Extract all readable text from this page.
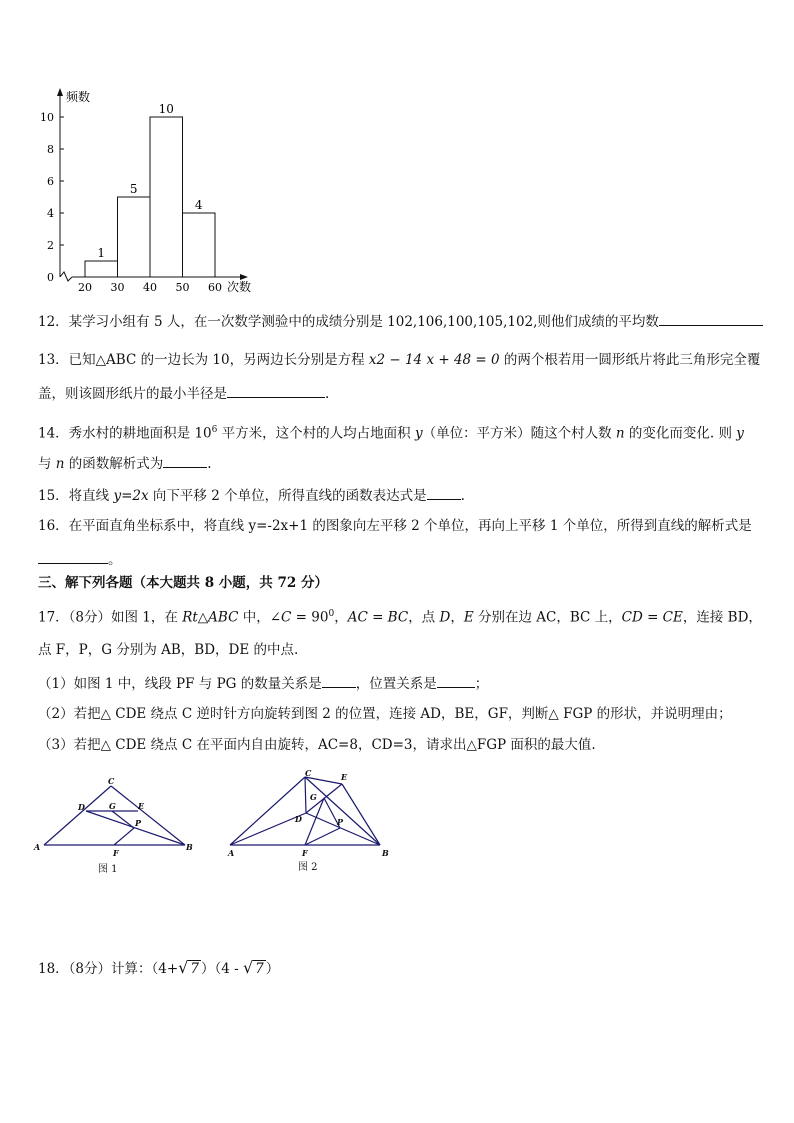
频数
次数
0
2
4
6
8
10
20 30 40 50 60
1
5
10
4
12．某学习小组有 5 人，在一次数学测验中的成绩分别是 102,106,100,105,102,则他们成绩的平均数
13．已知△ABC 的一边长为 10，另两边长分别是方程 x2 − 14 x + 48 = 0 的两个根若用一圆形纸片将此三角形完全覆
盖，则该圆形纸片的最小半径是	.
14．秀水村的耕地面积是 $10^6$ 平方米，这个村的人均占地面积 y（单位：平方米）随这个村人数 n 的变化而变化. 则 y
与 n 的函数解析式为	.
15．将直线 y=2x 向下平移 2 个单位，所得直线的函数表达式是	.
16．在平面直角坐标系中，将直线 y=-2x+1 的图象向左平移 2 个单位，再向上平移 1 个单位，所得到直线的解析式是
。
三、解下列各题（本大题共 8 小题，共 72 分）
17．（8分）如图 1，在 Rt△ABC 中，∠C = $90^0$，AC = BC，点 D，E 分别在边 AC，BC 上，CD = CE，连接 BD，
点 F，P，G 分别为 AB，BD，DE 的中点.
（1）如图 1 中，线段 PF 与 PG 的数量关系是	，位置关系是	；
（2）若把△ CDE 绕点 C 逆时针方向旋转到图 2 的位置，连接 AD，BE，GF，判断△ FGP 的形状，并说明理由；
（3）若把△ CDE 绕点 C 在平面内自由旋转，AC=8，CD=3，请求出△FGP 面积的最大值.
A	B
C
D	E
F
G
P
图 1
A	B
C
D
E
F
G
P
图 2
18．（8分）计算：（4+√ 7 ）（4 - √ 7 ）
